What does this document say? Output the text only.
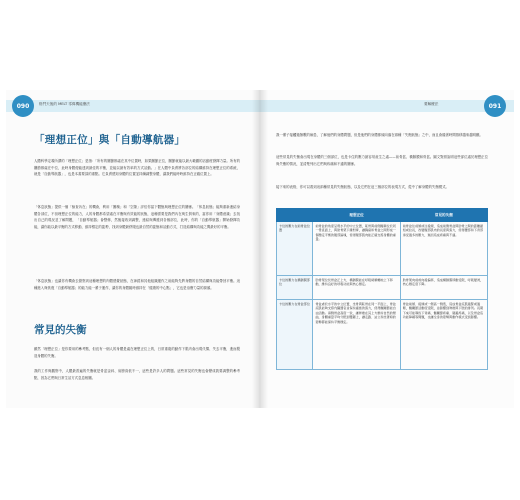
090	格鬥天後的 MELT 零偉機能療法
「理想正位」與「自動導航器」
人體科學定義所謂的「理想正位」是指：「所有的關節都處在其中位置時，如果關節正位，關節就能以最大範圍的活動度發揮力量。所有的關節都處在中位，此時身體便能達到最佳的平衡，並能以最有效率的方式活動。」在人體中負責將各部位的結構維持在理想正位的系統，就是「自動導航器」，也是本書要談的重點。它負責感知身體的位置並持續調整身體，讓我們能時時維持在正確位置上。
「休息狀態」提供一個「檢查內在」的機會，利用「團塊」和「空隙」評估你當下體態與理想正位的關係。「休息狀態」能夠重新連結身體各部位，不但理想正位的能力，人的身體都希望處在平衡與有效能的狀態，這種需要是我們內在與生俱來的，當你用「身體意識」去找出自己的現況並了解問題，「自動導航器」會整修，然後接收到調整，連結與傳遞到各個部位，此時，你的「自動導航器」開始發揮功能，讓你能以最平衡的方式移動，維持穩定的姿勢，找到身體最舒服也最自然的姿態和活動方式，打造結構與功能之間最好的平衡。
「休息狀態」也讓你有機會去覺察到這種理想的肉體感覺狀態，在神經和其他組織運作之前能夠先將身體的自然結構與功能帶回平衡。這種進入與恢復「自動導航器」的能力能一輩子運作，讓你的身體隨時維持在「健康的中心點」，它也是治療力量的源頭。
常見的失衡
雖然「理想正位」是你要用的參考點，但沒有一個人的身體是處在理想正位上的，日常重複的動作下肌肉會出現代償、失去平衡，進而製造身體的失衡。
我的工作與觀察中，人體最普遍的失衡就是骨盆歪斜、肩膀高低不一，這些是許多人的問題。這些常見的失衡也會變成我要調整的參考點，因為它們與日常生活方式息息相關。
要解療法	091
我一輩子接觸過無數的病患，了解他們的身體問題，但是他們的身體都傾向落在兩種「失衡狀態」之中，而且會隨著時間推移越來越明顯。
這些常見的失衡會出現在身體的三個部位，也是卡住的壓力最容易產生之處——前骨盆、橫膈膜和骨盆。圖文對照說明這些部位處於理想正位與失衡的情況，並清楚列出它們與疼痛和不適的關係。
接下來的表格，你可以看到這兩種常見的失衡狀態，以及它們在這三個部位的表現方式，從中了解身體的失衡模式。
	理想正位	常見的失衡
卡住的壓力在前骨盆位置	前骨盆的角度呈現水平的中立位置，恥骨與前側髂棘位於同一垂直面上，與肋骨架下緣對齊，讓胸廓和骨盆之間形成一個穩定平衡的腹部區塊，使得腹部肌肉能正確支撐身體的重量。	前骨盆往前傾或往後傾，造成前側骨盆與肋骨之間的距離縮短或拉長，改變腹部肌肉的長度與張力，使得腰部和下背部承受過多的壓力，進而造成疼痛與不適。
卡住的壓力在橫膈膜部位	肋骨架位於骨盆正上方，橫膈膜能在呼吸時順暢地上下移動，維持良好的呼吸功能與核心穩定。	肋骨架向前或向後偏移，造成橫膈膜移動受限，呼吸變淺，核心穩定度下降。
卡住的壓力在骨盆部位	骨盆處於水平的中立位置，坐骨與恥骨在同一平面上，骨盆底肌能夠支撐內臟器官並保持適當的張力，使得髖關節能自由活動。兩側骨盆高度一致，讓脊椎在其上方維持自然的彎曲，身體重量平均分配到雙腳上，讓走路、站立和坐著時的姿勢都能保持平衡穩定。	骨盆前傾、後傾或一側高一側低，造成骨盆底肌過緊或過鬆，髖關節活動度受限，並影響到脊椎與下肢的排列。長期下來可能導致下背痛、髖關節疼痛、膝蓋疼痛，以及骨盆底功能障礙等問題，也讓全身的姿勢與動作模式受到影響。
